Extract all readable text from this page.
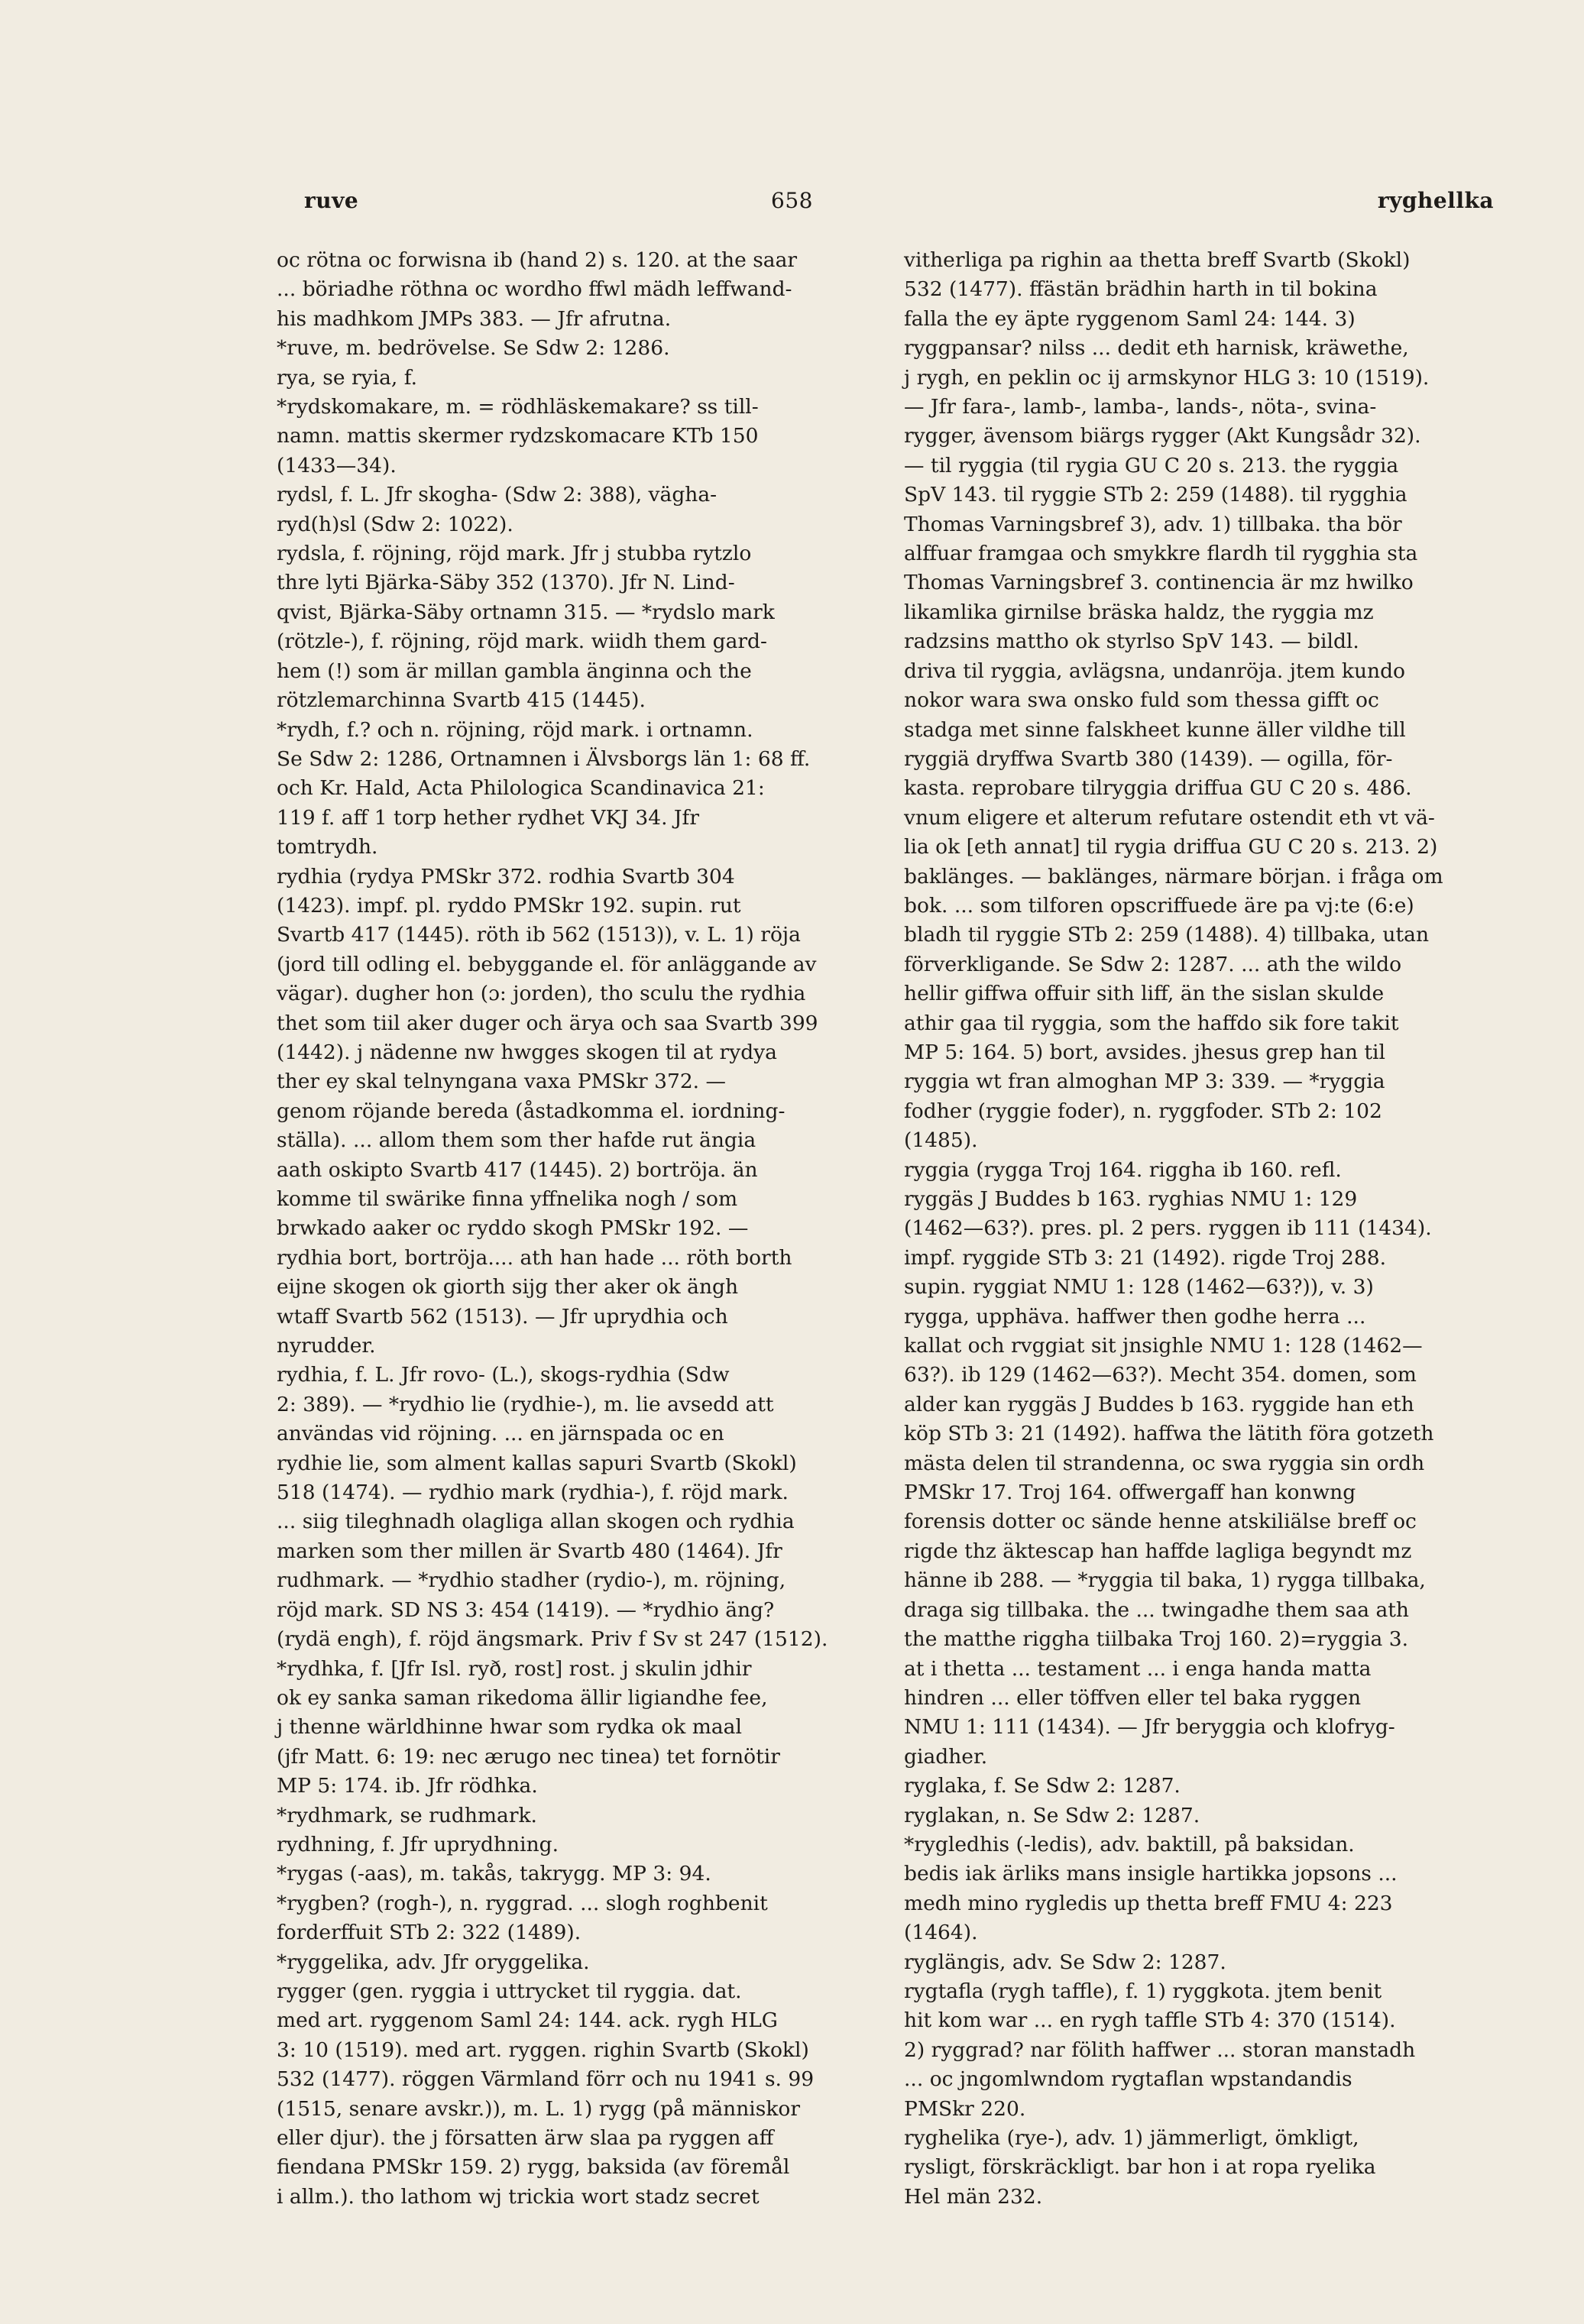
ruve	658	ryghellka
oc rötna oc forwisna ib (hand 2) s. 120. at the saar
... böriadhe röthna oc wordho ffwl mädh leffwand-
his madhkom JMPs 383. — Jfr afrutna.
*ruve, m. bedrövelse. Se Sdw 2: 1286.
rya, se ryia, f.
*rydskomakare, m. = rödhläskemakare? ss till-
namn. mattis skermer rydzskomacare KTb 150
(1433—34).
rydsl, f. L. Jfr skogha- (Sdw 2: 388), vägha-
ryd(h)sl (Sdw 2: 1022).
rydsla, f. röjning, röjd mark. Jfr j stubba rytzlo
thre lyti Bjärka-Säby 352 (1370). Jfr N. Lind-
qvist, Bjärka-Säby ortnamn 315. — *rydslo mark
(rötzle-), f. röjning, röjd mark. wiidh them gard-
hem (!) som är millan gambla änginna och the
rötzlemarchinna Svartb 415 (1445).
*rydh, f.? och n. röjning, röjd mark. i ortnamn.
Se Sdw 2: 1286, Ortnamnen i Älvsborgs län 1: 68 ff.
och Kr. Hald, Acta Philologica Scandinavica 21:
119 f. aff 1 torp hether rydhet VKJ 34. Jfr
tomtrydh.
rydhia (rydya PMSkr 372. rodhia Svartb 304
(1423). impf. pl. ryddo PMSkr 192. supin. rut
Svartb 417 (1445). röth ib 562 (1513)), v. L. 1) röja
(jord till odling el. bebyggande el. för anläggande av
vägar). dugher hon (ɔ: jorden), tho sculu the rydhia
thet som tiil aker duger och ärya och saa Svartb 399
(1442). j nädenne nw hwgges skogen til at rydya
ther ey skal telnyngana vaxa PMSkr 372. —
genom röjande bereda (åstadkomma el. iordning-
ställa). ... allom them som ther hafde rut ängia
aath oskipto Svartb 417 (1445). 2) bortröja. än
komme til swärike finna yffnelika nogh / som
brwkado aaker oc ryddo skogh PMSkr 192. —
rydhia bort, bortröja.... ath han hade ... röth borth
eijne skogen ok giorth sijg ther aker ok ängh
wtaff Svartb 562 (1513). — Jfr uprydhia och
nyrudder.
rydhia, f. L. Jfr rovo- (L.), skogs-rydhia (Sdw
2: 389). — *rydhio lie (rydhie-), m. lie avsedd att
användas vid röjning. ... en järnspada oc en
rydhie lie, som alment kallas sapuri Svartb (Skokl)
518 (1474). — rydhio mark (rydhia-), f. röjd mark.
... siig tileghnadh olagliga allan skogen och rydhia
marken som ther millen är Svartb 480 (1464). Jfr
rudhmark. — *rydhio stadher (rydio-), m. röjning,
röjd mark. SD NS 3: 454 (1419). — *rydhio äng?
(rydä engh), f. röjd ängsmark. Priv f Sv st 247 (1512).
*rydhka, f. [Jfr Isl. ryð, rost] rost. j skulin jdhir
ok ey sanka saman rikedoma ällir ligiandhe fee,
j thenne wärldhinne hwar som rydka ok maal
(jfr Matt. 6: 19: nec ærugo nec tinea) tet fornötir
MP 5: 174. ib. Jfr rödhka.
*rydhmark, se rudhmark.
rydhning, f. Jfr uprydhning.
*rygas (-aas), m. takås, takrygg. MP 3: 94.
*rygben? (rogh-), n. ryggrad. ... slogh roghbenit
forderffuit STb 2: 322 (1489).
*ryggelika, adv. Jfr oryggelika.
rygger (gen. ryggia i uttrycket til ryggia. dat.
med art. ryggenom Saml 24: 144. ack. rygh HLG
3: 10 (1519). med art. ryggen. righin Svartb (Skokl)
532 (1477). röggen Värmland förr och nu 1941 s. 99
(1515, senare avskr.)), m. L. 1) rygg (på människor
eller djur). the j försatten ärw slaa pa ryggen aff
fiendana PMSkr 159. 2) rygg, baksida (av föremål
i allm.). tho lathom wj trickia wort stadz secret
vitherliga pa righin aa thetta breff Svartb (Skokl)
532 (1477). ffästän brädhin harth in til bokina
falla the ey äpte ryggenom Saml 24: 144. 3)
ryggpansar? nilss ... dedit eth harnisk, kräwethe,
j rygh, en peklin oc ij armskynor HLG 3: 10 (1519).
— Jfr fara-, lamb-, lamba-, lands-, nöta-, svina-
rygger, ävensom biärgs rygger (Akt Kungsådr 32).
— til ryggia (til rygia GU C 20 s. 213. the ryggia
SpV 143. til ryggie STb 2: 259 (1488). til rygghia
Thomas Varningsbref 3), adv. 1) tillbaka. tha bör
alffuar framgaa och smykkre flardh til rygghia sta
Thomas Varningsbref 3. continencia är mz hwilko
likamlika girnilse bräska haldz, the ryggia mz
radzsins mattho ok styrlso SpV 143. — bildl.
driva til ryggia, avlägsna, undanröja. jtem kundo
nokor wara swa onsko fuld som thessa gifft oc
stadga met sinne falskheet kunne äller vildhe till
ryggiä dryffwa Svartb 380 (1439). — ogilla, för-
kasta. reprobare tilryggia driffua GU C 20 s. 486.
vnum eligere et alterum refutare ostendit eth vt vä-
lia ok [eth annat] til rygia driffua GU C 20 s. 213. 2)
baklänges. — baklänges, närmare början. i fråga om
bok. ... som tilforen opscriffuede äre pa vj:te (6:e)
bladh til ryggie STb 2: 259 (1488). 4) tillbaka, utan
förverkligande. Se Sdw 2: 1287. ... ath the wildo
hellir giffwa offuir sith liff, än the sislan skulde
athir gaa til ryggia, som the haffdo sik fore takit
MP 5: 164. 5) bort, avsides. jhesus grep han til
ryggia wt fran almoghan MP 3: 339. — *ryggia
fodher (ryggie foder), n. ryggfoder. STb 2: 102
(1485).
ryggia (rygga Troj 164. riggha ib 160. refl.
ryggäs J Buddes b 163. ryghias NMU 1: 129
(1462—63?). pres. pl. 2 pers. ryggen ib 111 (1434).
impf. ryggide STb 3: 21 (1492). rigde Troj 288.
supin. ryggiat NMU 1: 128 (1462—63?)), v. 3)
rygga, upphäva. haffwer then godhe herra ...
kallat och rvggiat sit jnsighle NMU 1: 128 (1462—
63?). ib 129 (1462—63?). Mecht 354. domen, som
alder kan ryggäs J Buddes b 163. ryggide han eth
köp STb 3: 21 (1492). haffwa the lätith föra gotzeth
mästa delen til strandenna, oc swa ryggia sin ordh
PMSkr 17. Troj 164. offwergaff han konwng
forensis dotter oc sände henne atskiliälse breff oc
rigde thz äktescap han haffde lagliga begyndt mz
hänne ib 288. — *ryggia til baka, 1) rygga tillbaka,
draga sig tillbaka. the ... twingadhe them saa ath
the matthe riggha tiilbaka Troj 160. 2)=ryggia 3.
at i thetta ... testament ... i enga handa matta
hindren ... eller töffven eller tel baka ryggen
NMU 1: 111 (1434). — Jfr beryggia och klofryg-
giadher.
ryglaka, f. Se Sdw 2: 1287.
ryglakan, n. Se Sdw 2: 1287.
*rygledhis (-ledis), adv. baktill, på baksidan.
bedis iak ärliks mans insigle hartikka jopsons ...
medh mino rygledis up thetta breff FMU 4: 223
(1464).
ryglängis, adv. Se Sdw 2: 1287.
rygtafla (rygh taffle), f. 1) ryggkota. jtem benit
hit kom war ... en rygh taffle STb 4: 370 (1514).
2) ryggrad? nar fölith haffwer ... storan manstadh
... oc jngomlwndom rygtaflan wpstandandis
PMSkr 220.
ryghelika (rye-), adv. 1) jämmerligt, ömkligt,
rysligt, förskräckligt. bar hon i at ropa ryelika
Hel män 232.
